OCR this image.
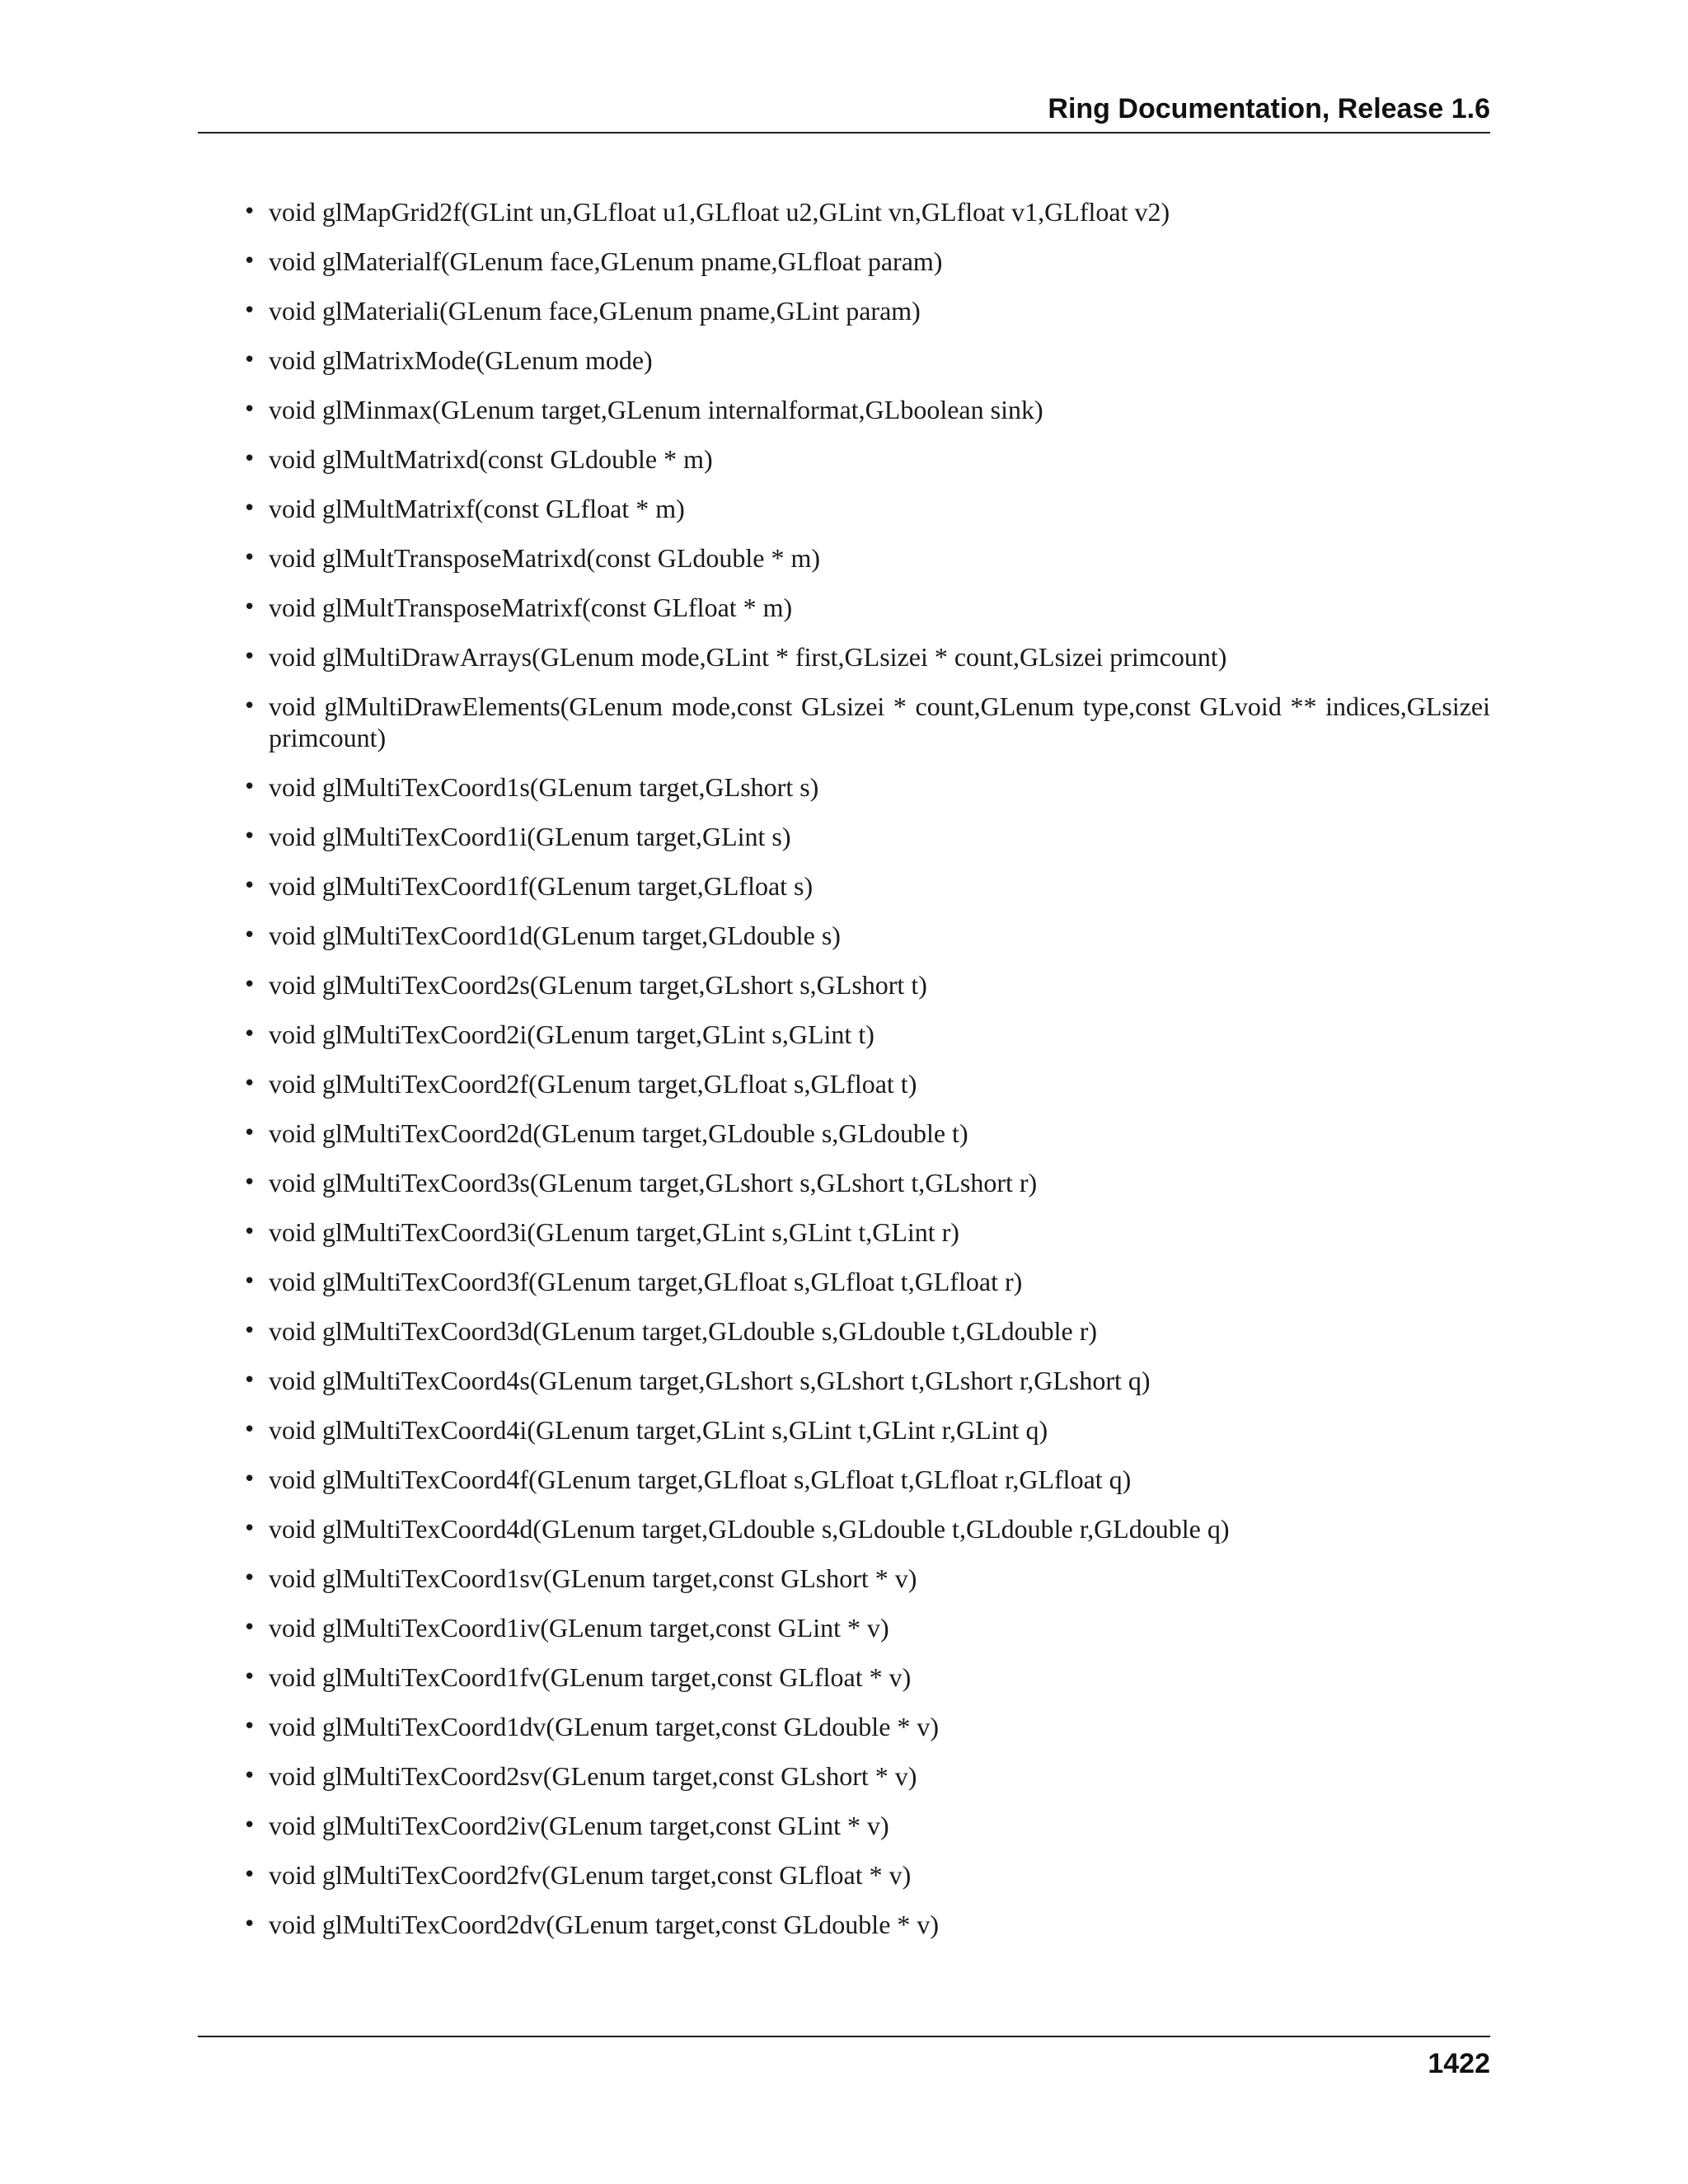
Ring Documentation, Release 1.6
• void glMapGrid2f(GLint un,GLfloat u1,GLfloat u2,GLint vn,GLfloat v1,GLfloat v2)
• void glMaterialf(GLenum face,GLenum pname,GLfloat param)
• void glMateriali(GLenum face,GLenum pname,GLint param)
• void glMatrixMode(GLenum mode)
• void glMinmax(GLenum target,GLenum internalformat,GLboolean sink)
• void glMultMatrixd(const GLdouble * m)
• void glMultMatrixf(const GLfloat * m)
• void glMultTransposeMatrixd(const GLdouble * m)
• void glMultTransposeMatrixf(const GLfloat * m)
• void glMultiDrawArrays(GLenum mode,GLint * first,GLsizei * count,GLsizei primcount)
• void glMultiDrawElements(GLenum mode,const GLsizei * count,GLenum type,const GLvoid ** indices,GLsizei primcount)
• void glMultiTexCoord1s(GLenum target,GLshort s)
• void glMultiTexCoord1i(GLenum target,GLint s)
• void glMultiTexCoord1f(GLenum target,GLfloat s)
• void glMultiTexCoord1d(GLenum target,GLdouble s)
• void glMultiTexCoord2s(GLenum target,GLshort s,GLshort t)
• void glMultiTexCoord2i(GLenum target,GLint s,GLint t)
• void glMultiTexCoord2f(GLenum target,GLfloat s,GLfloat t)
• void glMultiTexCoord2d(GLenum target,GLdouble s,GLdouble t)
• void glMultiTexCoord3s(GLenum target,GLshort s,GLshort t,GLshort r)
• void glMultiTexCoord3i(GLenum target,GLint s,GLint t,GLint r)
• void glMultiTexCoord3f(GLenum target,GLfloat s,GLfloat t,GLfloat r)
• void glMultiTexCoord3d(GLenum target,GLdouble s,GLdouble t,GLdouble r)
• void glMultiTexCoord4s(GLenum target,GLshort s,GLshort t,GLshort r,GLshort q)
• void glMultiTexCoord4i(GLenum target,GLint s,GLint t,GLint r,GLint q)
• void glMultiTexCoord4f(GLenum target,GLfloat s,GLfloat t,GLfloat r,GLfloat q)
• void glMultiTexCoord4d(GLenum target,GLdouble s,GLdouble t,GLdouble r,GLdouble q)
• void glMultiTexCoord1sv(GLenum target,const GLshort * v)
• void glMultiTexCoord1iv(GLenum target,const GLint * v)
• void glMultiTexCoord1fv(GLenum target,const GLfloat * v)
• void glMultiTexCoord1dv(GLenum target,const GLdouble * v)
• void glMultiTexCoord2sv(GLenum target,const GLshort * v)
• void glMultiTexCoord2iv(GLenum target,const GLint * v)
• void glMultiTexCoord2fv(GLenum target,const GLfloat * v)
• void glMultiTexCoord2dv(GLenum target,const GLdouble * v)
1422
